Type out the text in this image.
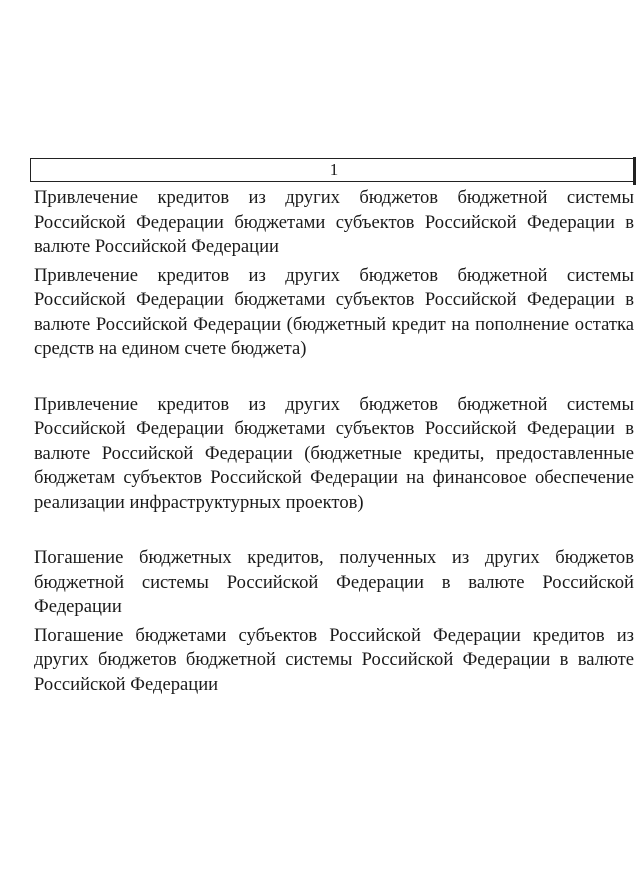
1

Привлечение кредитов из других бюджетов бюджетной системы Российской Федерации бюджетами субъектов Российской Федерации в валюте Российской Федерации

Привлечение кредитов из других бюджетов бюджетной системы Российской Федерации бюджетами субъектов Российской Федерации в валюте Российской Федерации (бюджетный кредит на пополнение остатка средств на едином счете бюджета)

Привлечение кредитов из других бюджетов бюджетной системы Российской Федерации бюджетами субъектов Российской Федерации в валюте Российской Федерации (бюджетные кредиты, предоставленные бюджетам субъектов Российской Федерации на финансовое обеспечение реализации инфраструктурных проектов)

Погашение бюджетных кредитов, полученных из других бюджетов бюджетной системы Российской Федерации в валюте Российской Федерации

Погашение бюджетами субъектов Российской Федерации кредитов из других бюджетов бюджетной системы Российской Федерации в валюте Российской Федерации
